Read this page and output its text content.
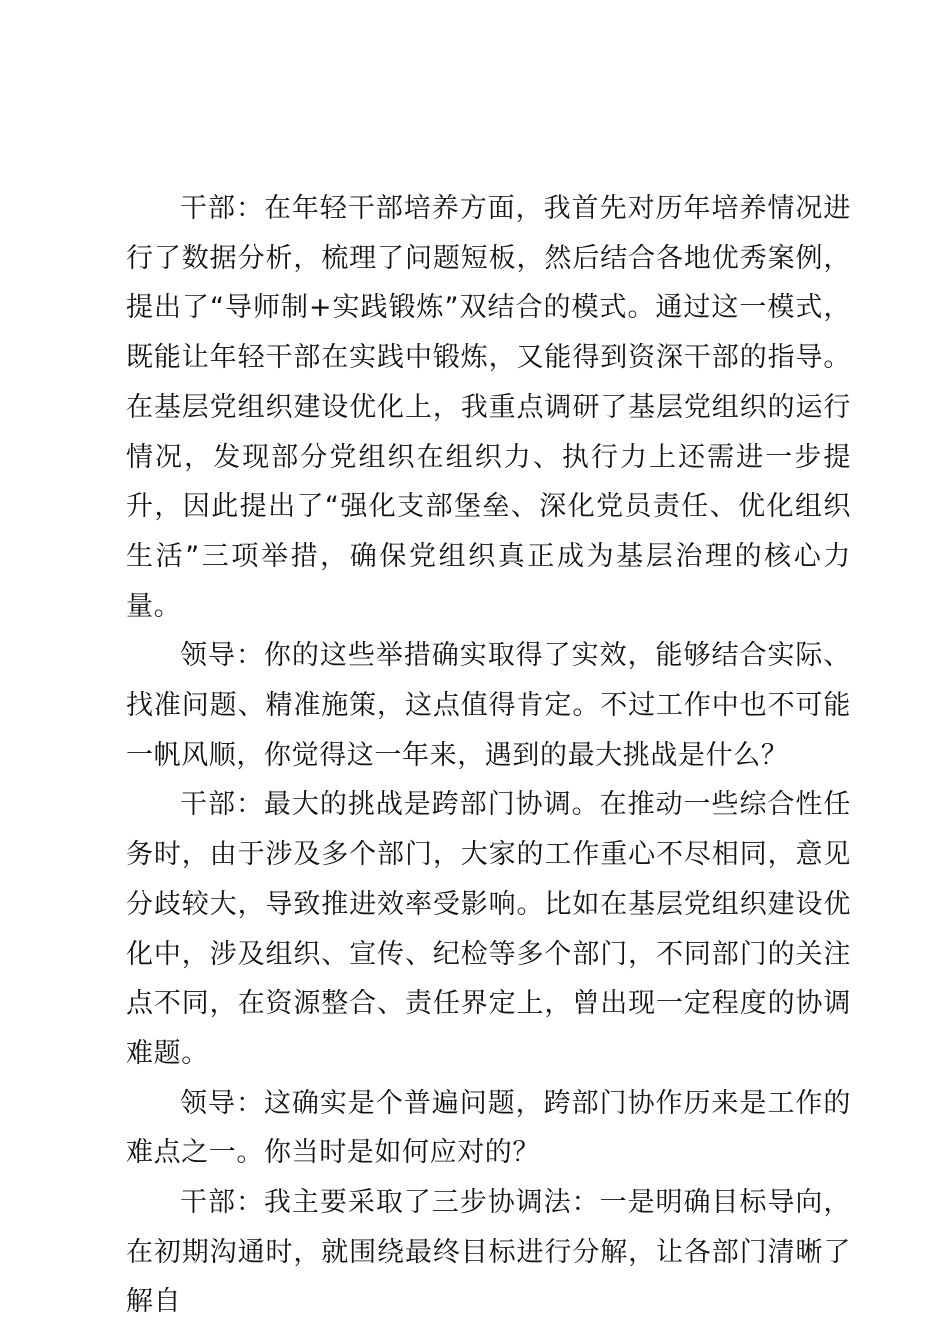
干部：在年轻干部培养方面，我首先对历年培养情况进行了数据分析，梳理了问题短板，然后结合各地优秀案例，提出了“导师制+实践锻炼”双结合的模式。通过这一模式，既能让年轻干部在实践中锻炼，又能得到资深干部的指导。在基层党组织建设优化上，我重点调研了基层党组织的运行情况，发现部分党组织在组织力、执行力上还需进一步提升，因此提出了“强化支部堡垒、深化党员责任、优化组织生活”三项举措，确保党组织真正成为基层治理的核心力量。

领导：你的这些举措确实取得了实效，能够结合实际、找准问题、精准施策，这点值得肯定。不过工作中也不可能一帆风顺，你觉得这一年来，遇到的最大挑战是什么？

干部：最大的挑战是跨部门协调。在推动一些综合性任务时，由于涉及多个部门，大家的工作重心不尽相同，意见分歧较大，导致推进效率受影响。比如在基层党组织建设优化中，涉及组织、宣传、纪检等多个部门，不同部门的关注点不同，在资源整合、责任界定上，曾出现一定程度的协调难题。

领导：这确实是个普遍问题，跨部门协作历来是工作的难点之一。你当时是如何应对的？

干部：我主要采取了三步协调法：一是明确目标导向，在初期沟通时，就围绕最终目标进行分解，让各部门清晰了解自
